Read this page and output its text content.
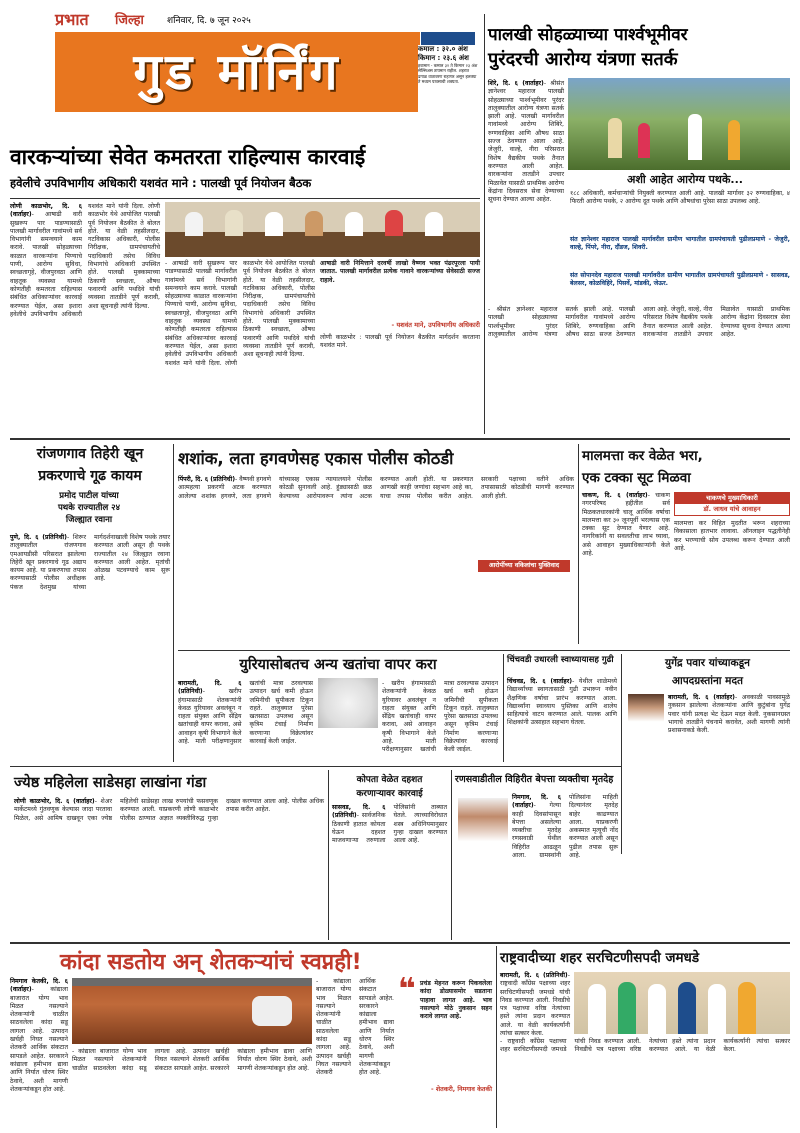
प्रभात	जिल्हा	शनिवार, दि. ७ जून २०२५
गुड मॉर्निंग	कमाल : ३२.० अंश
किमान : २३.६ अंश
हवामान - कमाल ३२ ते किमान २३ अंश सेल्सिअस तापमान राहील. शहरात ढगाळ वातावरण राहणार असून हलक्या ते मध्यम पावसाची शक्यता.
पालखी सोहळ्याच्या पार्श्वभूमीवर
पुरंदरची आरोग्य यंत्रणा सतर्क
शिरे, दि. ६ (वार्ताहर)- श्रीसंत ज्ञानेश्वर महाराज पालखी सोहळ्याच्या पार्श्वभूमीवर पुरंदर तालुक्यातील आरोग्य यंत्रणा सतर्क झाली आहे. पालखी मार्गावरील गावांमध्ये आरोग्य शिबिरे, रुग्णवाहिका आणि औषध साठा सज्ज ठेवण्यात आला आहे. जेजुरी, वाल्हे, नीरा परिसरात विशेष वैद्यकीय पथके तैनात करण्यात आली आहेत. वारकऱ्यांना तातडीने उपचार मिळावेत यासाठी प्राथमिक आरोग्य केंद्रांना दिवसरात्र सेवा देण्याच्या सूचना देण्यात आल्या आहेत.
अशी आहेत आरोग्य पथके...
१८८ अधिकारी, कर्मचाऱ्यांची नियुक्ती करण्यात आली आहे. पालखी मार्गावर ३२ रुग्णवाहिका, ४ फिरती आरोग्य पथके, २ आरोग्य दूत पथके आणि औषधांचा पुरेसा साठा उपलब्ध आहे.
संत ज्ञानेश्वर महाराज पालखी मार्गावरील ग्रामीण भागातील ग्रामपंचायती पुढीलप्रमाणे - जेजुरी, वाल्हे, पिंपरे, नीरा, दौंडज, शिवरी.
संत सोपानदेव महाराज पालखी मार्गावरील ग्रामीण भागातील ग्रामपंचायती पुढीलप्रमाणे - सासवड, बेलसर, कोळविहिरे, पिसर्वे, मांडकी, जेऊर.
- श्रीसंत ज्ञानेश्वर महाराज पालखी सोहळ्याच्या पार्श्वभूमीवर पुरंदर तालुक्यातील आरोग्य यंत्रणा सतर्क झाली आहे. पालखी मार्गावरील गावांमध्ये आरोग्य शिबिरे, रुग्णवाहिका आणि औषध साठा सज्ज ठेवण्यात आला आहे. जेजुरी, वाल्हे, नीरा परिसरात विशेष वैद्यकीय पथके तैनात करण्यात आली आहेत. वारकऱ्यांना तातडीने उपचार मिळावेत यासाठी प्राथमिक आरोग्य केंद्रांना दिवसरात्र सेवा देण्याच्या सूचना देण्यात आल्या आहेत.
वारकऱ्यांच्या सेवेत कमतरता राहिल्यास कारवाई
हवेलीचे उपविभागीय अधिकारी यशवंत माने : पालखी पूर्व नियोजन बैठक
लोणी काळभोर, दि. ६ (वार्ताहर)- आषाढी वारी सुखरूप पार पाडण्यासाठी पालखी मार्गावरील गावांमध्ये सर्व विभागांनी समन्वयाने काम करावे. पालखी सोहळ्याच्या काळात वारकऱ्यांना पिण्याचे पाणी, आरोग्य सुविधा, स्वच्छतागृहे, वीजपुरवठा आणि वाहतूक व्यवस्था यामध्ये कोणतीही कमतरता राहिल्यास संबंधित अधिकाऱ्यांवर कारवाई करण्यात येईल, असा इशारा हवेलीचे उपविभागीय अधिकारी यशवंत माने यांनी दिला. लोणी काळभोर येथे आयोजित पालखी पूर्व नियोजन बैठकीत ते बोलत होते. या वेळी तहसीलदार, गटविकास अधिकारी, पोलीस निरीक्षक, ग्रामपंचायतीचे पदाधिकारी तसेच विविध विभागांचे अधिकारी उपस्थित होते. पालखी मुक्कामाच्या ठिकाणी स्वच्छता, औषध फवारणी आणि पथदिवे यांची व्यवस्था तातडीने पूर्ण करावी, अशा सूचनाही त्यांनी दिल्या.
- आषाढी वारी सुखरूप पार पाडण्यासाठी पालखी मार्गावरील गावांमध्ये सर्व विभागांनी समन्वयाने काम करावे. पालखी सोहळ्याच्या काळात वारकऱ्यांना पिण्याचे पाणी, आरोग्य सुविधा, स्वच्छतागृहे, वीजपुरवठा आणि वाहतूक व्यवस्था यामध्ये कोणतीही कमतरता राहिल्यास संबंधित अधिकाऱ्यांवर कारवाई करण्यात येईल, असा इशारा हवेलीचे उपविभागीय अधिकारी यशवंत माने यांनी दिला. लोणी काळभोर येथे आयोजित पालखी पूर्व नियोजन बैठकीत ते बोलत होते. या वेळी तहसीलदार, गटविकास अधिकारी, पोलीस निरीक्षक, ग्रामपंचायतीचे पदाधिकारी तसेच विविध विभागांचे अधिकारी उपस्थित होते. पालखी मुक्कामाच्या ठिकाणी स्वच्छता, औषध फवारणी आणि पथदिवे यांची व्यवस्था तातडीने पूर्ण करावी, अशा सूचनाही त्यांनी दिल्या.
आषाढी वारी निमित्ताने दरवर्षी लाखो वैष्णव भक्त पंढरपूरला पायी जातात. पालखी मार्गावरील प्रत्येक गावाने वारकऱ्यांच्या सेवेसाठी सज्ज राहावे.
- यशवंत माने, उपविभागीय अधिकारी
लोणी काळभोर : पालखी पूर्व नियोजन बैठकीत मार्गदर्शन करताना यशवंत माने.
रांजणगाव तिहेरी खून
प्रकरणाचे गूढ कायम
प्रमोद पाटील यांच्या
पथके राज्यातील २४
जिल्ह्यात रवाना
पुणे, दि. ६ (प्रतिनिधी)- शिरूर तालुक्यातील रांजणगाव एमआयडीसी परिसरात झालेल्या तिहेरी खून प्रकरणाचे गूढ अद्याप कायम आहे. या प्रकरणाचा तपास करण्यासाठी पोलीस अधीक्षक पंकज देशमुख यांच्या मार्गदर्शनाखाली विशेष पथके तयार करण्यात आली असून ही पथके राज्यातील २४ जिल्ह्यात रवाना करण्यात आली आहेत. मृतांची ओळख पटवण्याचे काम सुरू आहे.
शशांक, लता हगवणेसह एकास पोलीस कोठडी
पिंपरी, दि. ६ (प्रतिनिधी)- वैष्णवी हगवणे आत्महत्या प्रकरणी अटक करण्यात आलेल्या शशांक हगवणे, लता हगवणे यांच्यासह एकास न्यायालयाने पोलीस कोठडी सुनावली आहे. हुंड्यासाठी छळ केल्याच्या आरोपावरून त्यांना अटक करण्यात आली होती. या प्रकरणात आणखी काही जणांचा सहभाग आहे का, याचा तपास पोलीस करीत आहेत. सरकारी पक्षाच्या वतीने अधिक तपासासाठी कोठडीची मागणी करण्यात आली होती.
आरोपींच्या वकिलांचा युक्तिवाद
मालमत्ता कर वेळेत भरा,
एक टक्का सूट मिळवा
चाकण, दि. ६ (वार्ताहर)- चाकण नगरपरिषद हद्दीतील सर्व मिळकतधारकांनी चालू आर्थिक वर्षाचा मालमत्ता कर ३० जूनपूर्वी भरल्यास एक टक्का सूट देण्यात येणार आहे. नागरिकांनी या सवलतीचा लाभ घ्यावा, असे आवाहन मुख्याधिकाऱ्यांनी केले आहे.
चाकणचे मुख्याधिकारी
डॉ. जाधव यांचे आवाहन
मालमत्ता कर विहित मुदतीत भरून शहराच्या विकासाला हातभार लावावा. ऑनलाइन पद्धतीनेही कर भरण्याची सोय उपलब्ध करून देण्यात आली आहे.
युरियासोबतच अन्य खतांचा वापर करा
बारामती, दि. ६ (प्रतिनिधी)- खरीप हंगामासाठी शेतकऱ्यांनी केवळ युरियावर अवलंबून न राहता संयुक्त आणि सेंद्रिय खतांचाही वापर करावा, असे आवाहन कृषी विभागाने केले आहे. माती परीक्षणानुसार खतांची मात्रा ठरवल्यास उत्पादन खर्च कमी होऊन जमिनीची सुपीकता टिकून राहते. तालुक्यात पुरेसा खतसाठा उपलब्ध असून कृत्रिम टंचाई निर्माण करणाऱ्या विक्रेत्यांवर कारवाई केली जाईल.
- खरीप हंगामासाठी शेतकऱ्यांनी केवळ युरियावर अवलंबून न राहता संयुक्त आणि सेंद्रिय खतांचाही वापर करावा, असे आवाहन कृषी विभागाने केले आहे. माती परीक्षणानुसार खतांची मात्रा ठरवल्यास उत्पादन खर्च कमी होऊन जमिनीची सुपीकता टिकून राहते. तालुक्यात पुरेसा खतसाठा उपलब्ध असून कृत्रिम टंचाई निर्माण करणाऱ्या विक्रेत्यांवर कारवाई केली जाईल.
चिंचवडी उधारली स्वाध्यायासह गुढी
चिंचवड, दि. ६ (वार्ताहर)- येथील शाळेमध्ये विद्यार्थ्यांच्या स्वागतासाठी गुढी उभारून नवीन शैक्षणिक वर्षाचा प्रारंभ करण्यात आला. विद्यार्थ्यांना स्वाध्याय पुस्तिका आणि शालेय साहित्याचे वाटप करण्यात आले. पालक आणि शिक्षकांनी उत्साहात सहभाग घेतला.
युगेंद्र पवार यांच्याकडून
आपदग्रस्तांना मदत
बारामती, दि. ६ (वार्ताहर)- अवकाळी पावसामुळे नुकसान झालेल्या शेतकऱ्यांना आणि कुटुंबांना युगेंद्र पवार यांनी प्रत्यक्ष भेट देऊन मदत केली. नुकसानग्रस्त भागाचे तातडीने पंचनामे करावेत, अशी मागणी त्यांनी प्रशासनाकडे केली.
ज्येष्ठ महिलेला साडेसहा लाखांना गंडा
लोणी काळभोर, दि. ६ (वार्ताहर)- शेअर मार्केटमध्ये गुंतवणूक केल्यास जादा परतावा मिळेल, असे आमिष दाखवून एका ज्येष्ठ महिलेची साडेसहा लाख रुपयांची फसवणूक करण्यात आली. याप्रकरणी लोणी काळभोर पोलीस ठाण्यात अज्ञात व्यक्तीविरुद्ध गुन्हा दाखल करण्यात आला आहे. पोलीस अधिक तपास करीत आहेत.
कोपता वेळेत दहशत
करणाऱ्यावर कारवाई
सासवड, दि. ६ (प्रतिनिधी)- सार्वजनिक ठिकाणी हातात कोयता घेऊन दहशत माजवणाऱ्या तरुणाला पोलिसांनी ताब्यात घेतले. त्याच्याविरोधात शस्त्र अधिनियमानुसार गुन्हा दाखल करण्यात आला आहे.
रणसवाडीतील विहिरीत बेपत्ता व्यक्तीचा मृतदेह
निमगाव, दि. ६ (वार्ताहर)- गेल्या काही दिवसांपासून बेपत्ता असलेल्या व्यक्तीचा मृतदेह रणसवाडी येथील विहिरीत आढळून आला. ग्रामस्थांनी पोलिसांना माहिती दिल्यानंतर मृतदेह बाहेर काढण्यात आला. याप्रकरणी अकस्मात मृत्यूची नोंद करण्यात आली असून पुढील तपास सुरू आहे.
कांदा सडतोय अन् शेतकऱ्यांचं स्वप्नही!
निमगाव केतकी, दि. ६ (वार्ताहर)- कांद्याला बाजारात योग्य भाव मिळत नसल्याने शेतकऱ्यांनी चाळीत साठवलेला कांदा सडू लागला आहे. उत्पादन खर्चही निघत नसल्याने शेतकरी आर्थिक संकटात सापडले आहेत. सरकारने कांद्याला हमीभाव द्यावा आणि निर्यात धोरण स्थिर ठेवावे, अशी मागणी शेतकऱ्यांकडून होत आहे.
- कांद्याला बाजारात योग्य भाव मिळत नसल्याने शेतकऱ्यांनी चाळीत साठवलेला कांदा सडू लागला आहे. उत्पादन खर्चही निघत नसल्याने शेतकरी आर्थिक संकटात सापडले आहेत. सरकारने कांद्याला हमीभाव द्यावा आणि निर्यात धोरण स्थिर ठेवावे, अशी मागणी शेतकऱ्यांकडून होत आहे.
- कांद्याला बाजारात योग्य भाव मिळत नसल्याने शेतकऱ्यांनी चाळीत साठवलेला कांदा सडू लागला आहे. उत्पादन खर्चही निघत नसल्याने शेतकरी आर्थिक संकटात सापडले आहेत. सरकारने कांद्याला हमीभाव द्यावा आणि निर्यात धोरण स्थिर ठेवावे, अशी मागणी शेतकऱ्यांकडून होत आहे.
❝ प्रचंड मेहनत करून पिकवलेला कांदा डोळ्यासमोर सडताना पाहावा लागत आहे. भाव नसल्याने मोठे नुकसान सहन करावे लागत आहे.
- शेतकरी, निमगाव केतकी
राष्ट्रवादीच्या शहर सरचिटणीसपदी जमधडे
बारामती, दि. ६ (प्रतिनिधी)- राष्ट्रवादी काँग्रेस पक्षाच्या शहर सरचिटणीसपदी जमधडे यांची निवड करण्यात आली. निवडीचे पत्र पक्षाच्या वरिष्ठ नेत्यांच्या हस्ते त्यांना प्रदान करण्यात आले. या वेळी कार्यकर्त्यांनी त्यांचा सत्कार केला.
- राष्ट्रवादी काँग्रेस पक्षाच्या शहर सरचिटणीसपदी जमधडे यांची निवड करण्यात आली. निवडीचे पत्र पक्षाच्या वरिष्ठ नेत्यांच्या हस्ते त्यांना प्रदान करण्यात आले. या वेळी कार्यकर्त्यांनी त्यांचा सत्कार केला.
